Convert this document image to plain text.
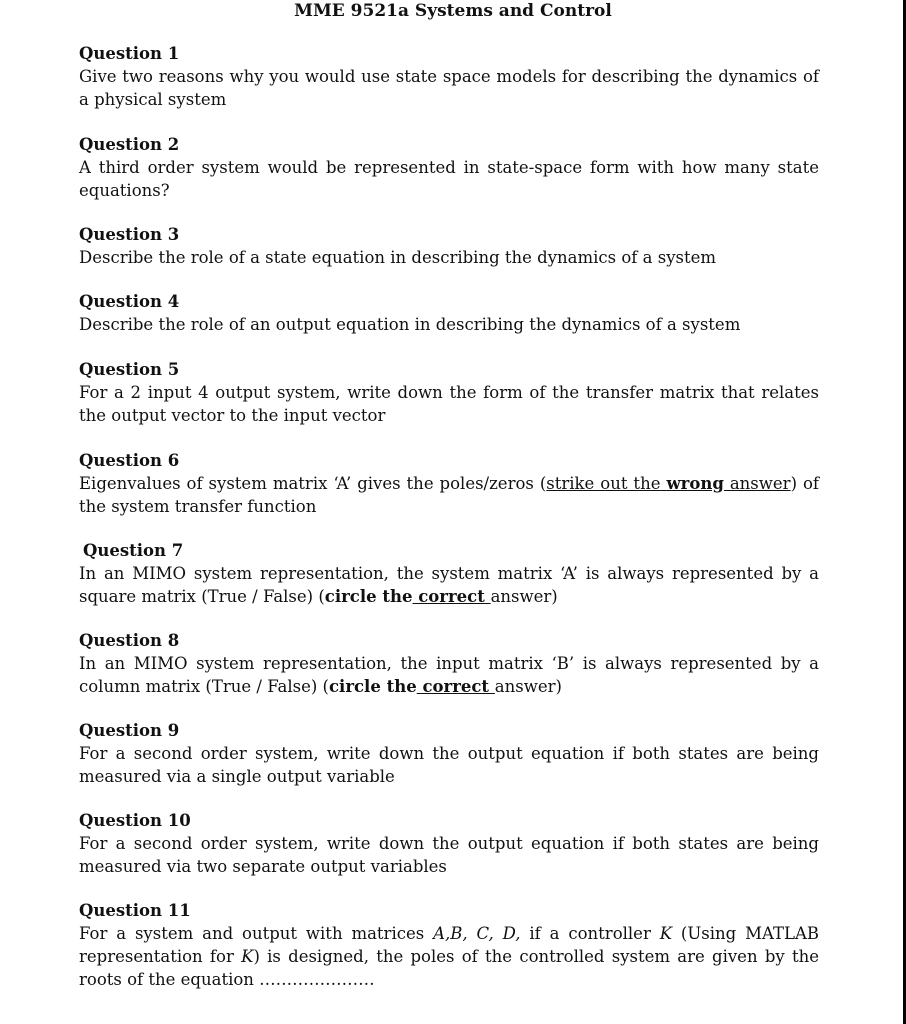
MME 9521a Systems and Control
Question 1
Give two reasons why you would use state space models for describing the dynamics of a physical system
Question 2
A third order system would be represented in state-space form with how many state equations?
Question 3
Describe the role of a state equation in describing the dynamics of a system
Question 4
Describe the role of an output equation in describing the dynamics of a system
Question 5
For a 2 input 4 output system, write down the form of the transfer matrix that relates the output vector to the input vector
Question 6
Eigenvalues of system matrix ‘A’ gives the poles/zeros (strike out the wrong answer) of the system transfer function
Question 7
In an MIMO system representation, the system matrix ‘A’ is always represented by a square matrix (True / False) (circle the correct answer)
Question 8
In an MIMO system representation, the input matrix ‘B’ is always represented by a column matrix (True / False) (circle the correct answer)
Question 9
For a second order system, write down the output equation if both states are being measured via a single output variable
Question 10
For a second order system, write down the output equation if both states are being measured via two separate output variables
Question 11
For a system and output with matrices A,B, C, D, if a controller K (Using MATLAB representation for K) is designed, the poles of the controlled system are given by the roots of the equation …………………
